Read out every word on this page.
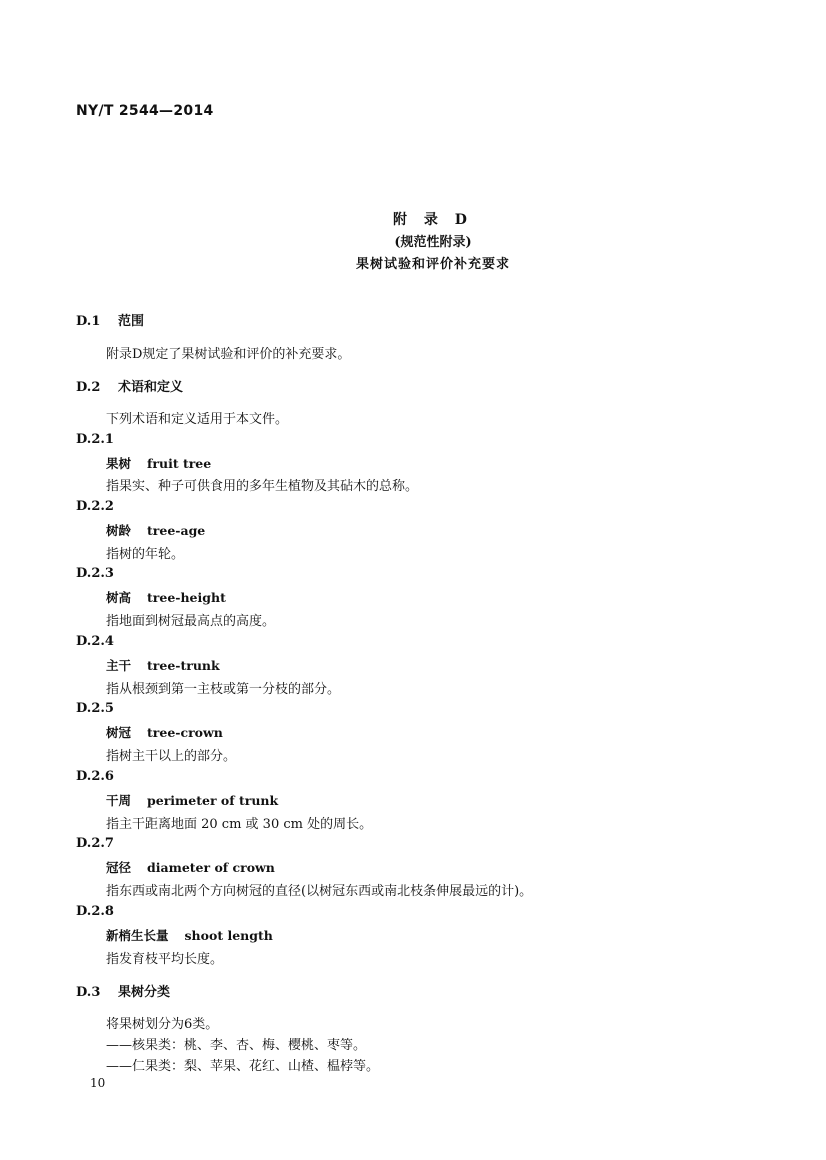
NY/T 2544—2014
附 录 D
(规范性附录)
果树试验和评价补充要求
D.1 范围
附录D规定了果树试验和评价的补充要求。
D.2 术语和定义
下列术语和定义适用于本文件。
D.2.1
果树 fruit tree
指果实、种子可供食用的多年生植物及其砧木的总称。
D.2.2
树龄 tree-age
指树的年轮。
D.2.3
树高 tree-height
指地面到树冠最高点的高度。
D.2.4
主干 tree-trunk
指从根颈到第一主枝或第一分枝的部分。
D.2.5
树冠 tree-crown
指树主干以上的部分。
D.2.6
干周 perimeter of trunk
指主干距离地面 20 cm 或 30 cm 处的周长。
D.2.7
冠径 diameter of crown
指东西或南北两个方向树冠的直径(以树冠东西或南北枝条伸展最远的计)。
D.2.8
新梢生长量 shoot length
指发育枝平均长度。
D.3 果树分类
将果树划分为6类。
——核果类：桃、李、杏、梅、樱桃、枣等。
——仁果类：梨、苹果、花红、山楂、榅桲等。
10
